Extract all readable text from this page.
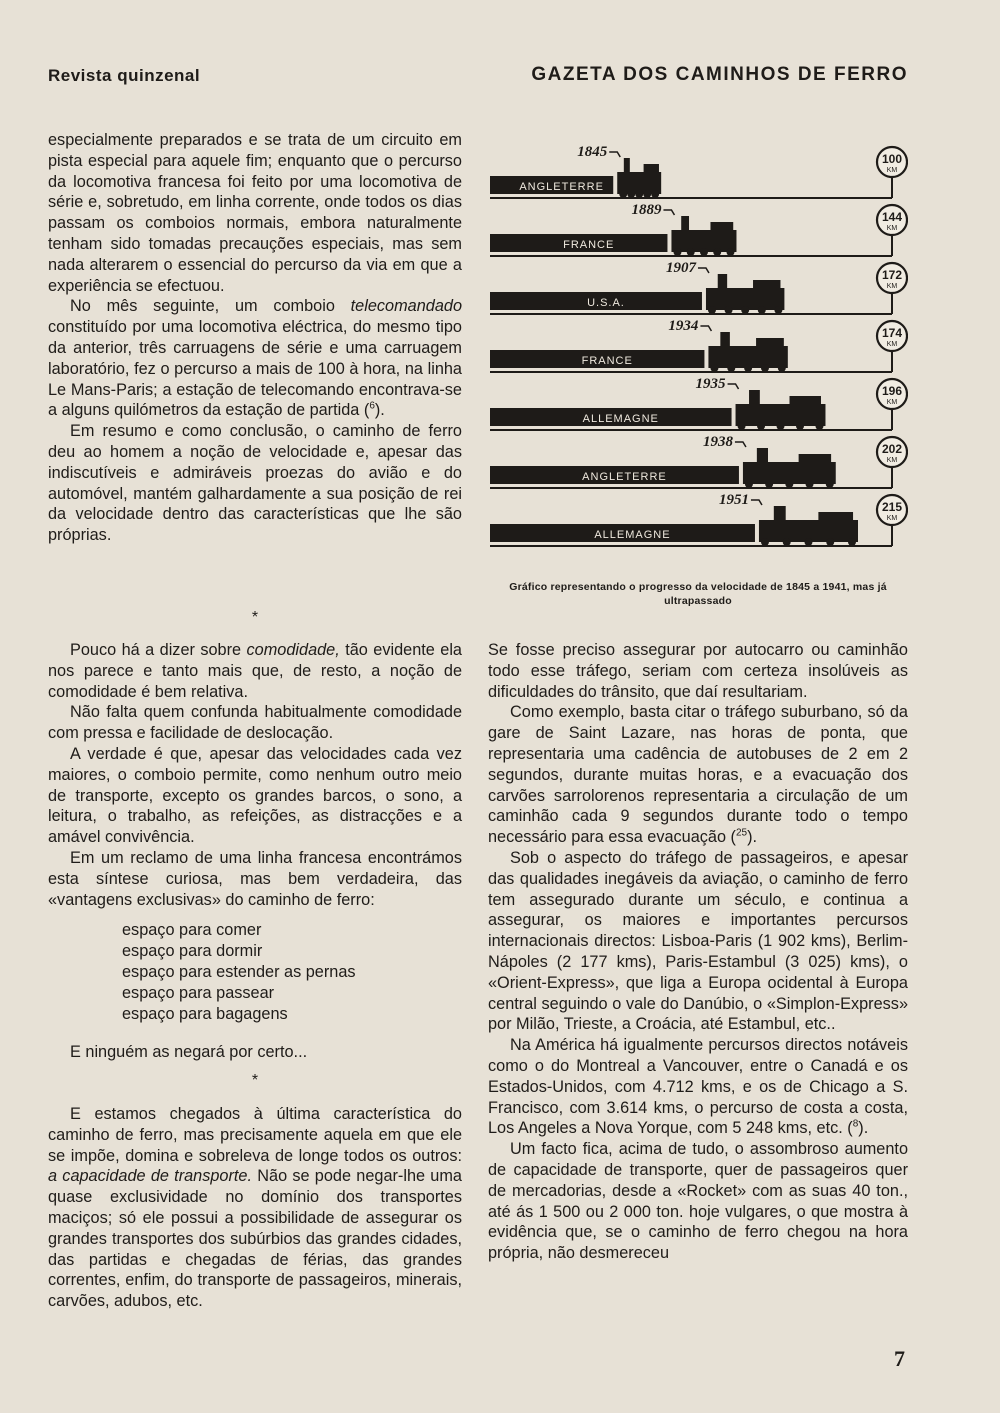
Revista quinzenal	GAZETA DOS CAMINHOS DE FERRO

especialmente preparados e se trata de um circuito em pista especial para aquele fim; enquanto que o percurso da locomotiva francesa foi feito por uma locomotiva de série e, sobretudo, em linha corrente, onde todos os dias passam os comboios normais, embora naturalmente tenham sido tomadas precauções especiais, mas sem nada alterarem o essencial do percurso da via em que a experiência se efectuou.

No mês seguinte, um comboio telecomandado constituído por uma locomotiva eléctrica, do mesmo tipo da anterior, três carruagens de série e uma carruagem laboratório, fez o percurso a mais de 100 à hora, na linha Le Mans-Paris; a estação de telecomando encontrava-se a alguns quilómetros da estação de partida ($^6$).

Em resumo e como conclusão, o caminho de ferro deu ao homem a noção de velocidade e, apesar das indiscutíveis e admiráveis proezas do avião e do automóvel, mantém galhardamente a sua posição de rei da velocidade dentro das características que lhe são próprias.

*

Pouco há a dizer sobre comodidade, tão evidente ela nos parece e tanto mais que, de resto, a noção de comodidade é bem relativa.

Não falta quem confunda habitualmente comodidade com pressa e facilidade de deslocação.

A verdade é que, apesar das velocidades cada vez maiores, o comboio permite, como nenhum outro meio de transporte, excepto os grandes barcos, o sono, a leitura, o trabalho, as refeições, as distracções e a amável convivência.

Em um reclamo de uma linha francesa encontrámos esta síntese curiosa, mas bem verdadeira, das «vantagens exclusivas» do caminho de ferro:

espaço para comer
espaço para dormir
espaço para estender as pernas
espaço para passear
espaço para bagagens

E ninguém as negará por certo...

*

E estamos chegados à última característica do caminho de ferro, mas precisamente aquela em que ele se impõe, domina e sobreleva de longe todos os outros: a capacidade de transporte. Não se pode negar-lhe uma quase exclusividade no domínio dos transportes maciços; só ele possui a possibilidade de assegurar os grandes transportes dos subúrbios das grandes cidades, das partidas e chegadas de férias, das grandes correntes, enfim, do transporte de passageiros, minerais, carvões, adubos, etc.

ANGLETERRE
1845	100
KM
FRANCE
1889	144
KM
U.S.A.
1907	172
KM
FRANCE
1934	174
KM
ALLEMAGNE
1935	196
KM
ANGLETERRE
1938	202
KM
ALLEMAGNE
1951	215
KM
Gráfico representando o progresso da velocidade de 1845 a 1941, mas já ultrapassado

Se fosse preciso assegurar por autocarro ou caminhão todo esse tráfego, seriam com certeza insolúveis as dificuldades do trânsito, que daí resultariam.

Como exemplo, basta citar o tráfego suburbano, só da gare de Saint Lazare, nas horas de ponta, que representaria uma cadência de autobuses de 2 em 2 segundos, durante muitas horas, e a evacuação dos carvões sarrolorenos representaria a circulação de um caminhão cada 9 segundos durante todo o tempo necessário para essa evacuação ($^{25}$).

Sob o aspecto do tráfego de passageiros, e apesar das qualidades inegáveis da aviação, o caminho de ferro tem assegurado durante um século, e continua a assegurar, os maiores e importantes percursos internacionais directos: Lisboa-Paris (1 902 kms), Berlim-Nápoles (2 177 kms), Paris-Estambul (3 025) kms), o «Orient-Express», que liga a Europa ocidental à Europa central seguindo o vale do Danúbio, o «Simplon-Express» por Milão, Trieste, a Croácia, até Estambul, etc..

Na América há igualmente percursos directos notáveis como o do Montreal a Vancouver, entre o Canadá e os Estados-Unidos, com 4.712 kms, e os de Chicago a S. Francisco, com 3.614 kms, o percurso de costa a costa, Los Angeles a Nova Yorque, com 5 248 kms, etc. ($^8$).

Um facto fica, acima de tudo, o assombroso aumento de capacidade de transporte, quer de passageiros quer de mercadorias, desde a «Rocket» com as suas 40 ton., até ás 1 500 ou 2 000 ton. hoje vulgares, o que mostra à evidência que, se o caminho de ferro chegou na hora própria, não desmereceu

7
